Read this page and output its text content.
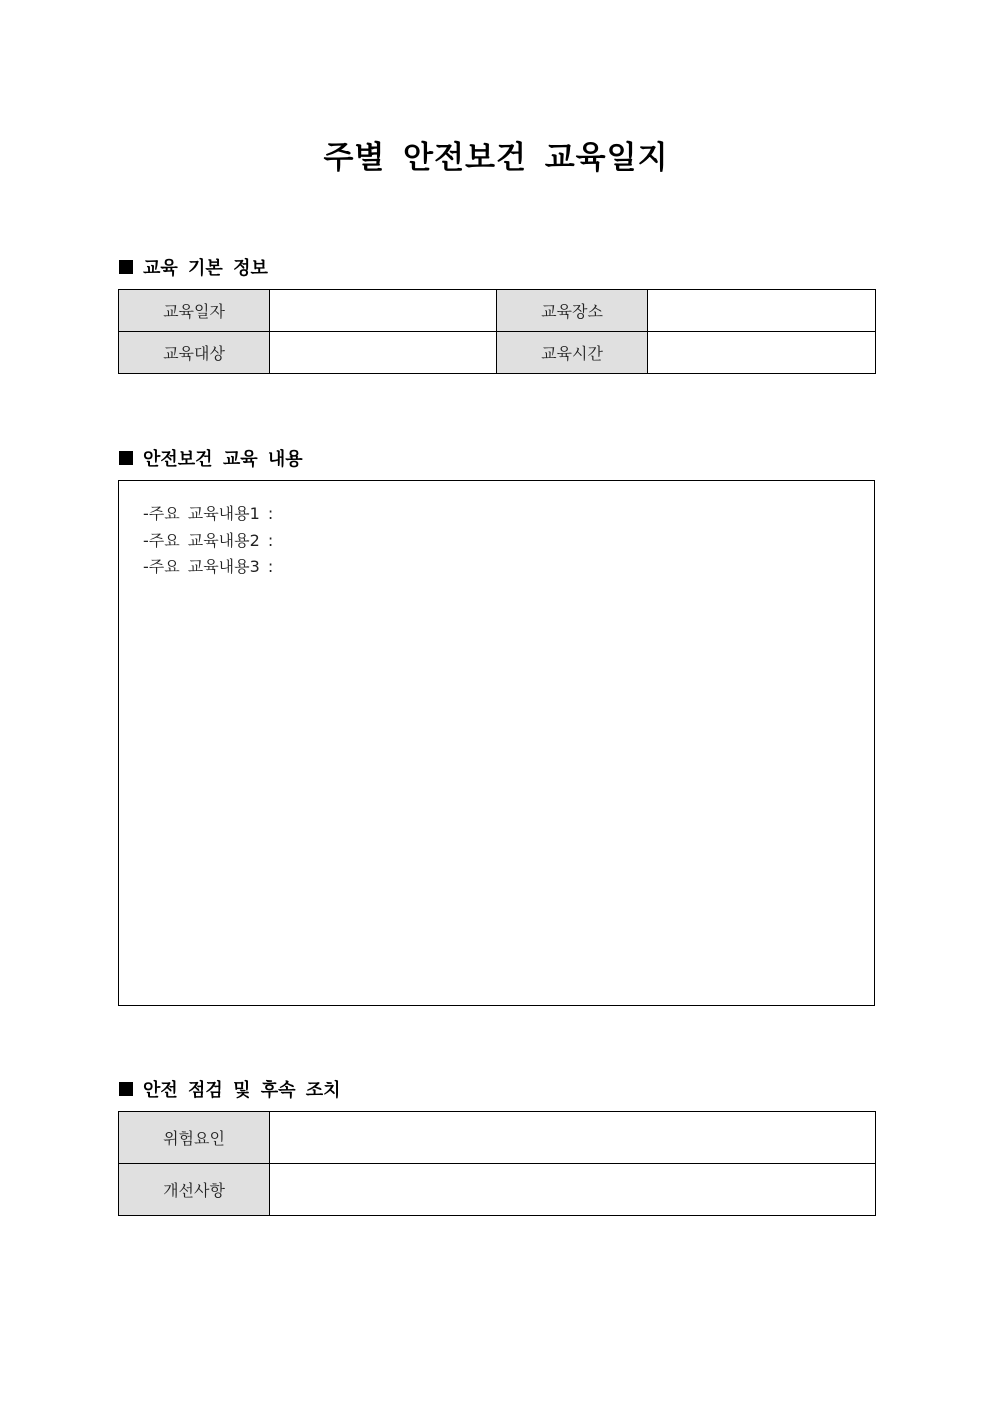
주별 안전보건 교육일지
교육 기본 정보
교육일자		교육장소	
교육대상		교육시간	
안전보건 교육 내용
-주요 교육내용1 :
-주요 교육내용2 :
-주요 교육내용3 :
안전 점검 및 후속 조치
위험요인	
개선사항	
